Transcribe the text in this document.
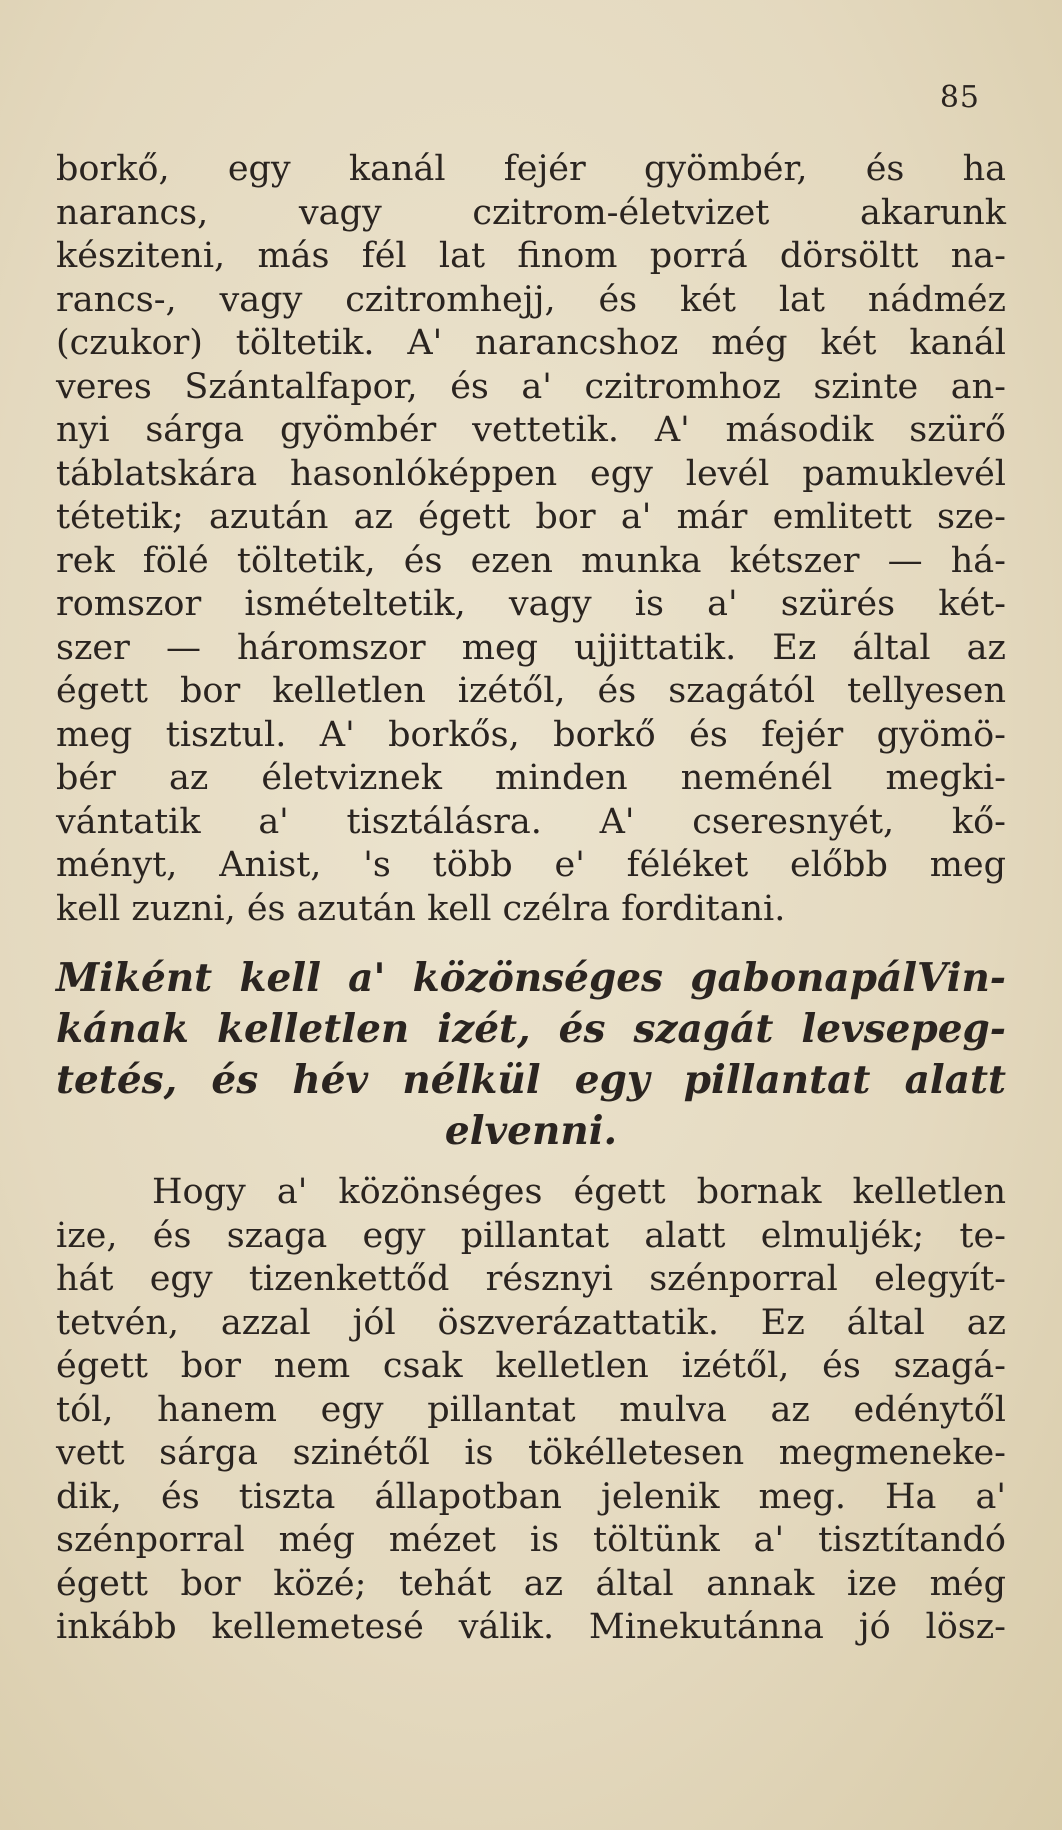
85
borkő, egy kanál fejér gyömbér, és ha
narancs, vagy czitrom-életvizet akarunk
késziteni, más fél lat finom porrá dörsöltt na-
rancs-, vagy czitromhejj, és két lat nádméz
(czukor) töltetik. A' narancshoz még két kanál
veres Szántalfapor, és a' czitromhoz szinte an-
nyi sárga gyömbér vettetik. A' második szürő
táblatskára hasonlóképpen egy levél pamuklevél
tétetik; azután az égett bor a' már emlitett sze-
rek fölé töltetik, és ezen munka kétszer — há-
romszor ismételtetik, vagy is a' szürés két-
szer — háromszor meg ujjittatik. Ez által az
égett bor kelletlen izétől, és szagától tellyesen
meg tisztul. A' borkős, borkő és fejér gyömö-
bér az életviznek minden neménél megki-
vántatik a' tisztálásra. A' cseresnyét, kő-
ményt, Anist, 's több e' féléket előbb meg
kell zuzni, és azután kell czélra forditani.
Miként kell a' közönséges gabonapálVin-
kának kelletlen izét, és szagát levsepeg-
tetés, és hév nélkül egy pillantat alatt
elvenni.
Hogy a' közönséges égett bornak kelletlen
ize, és szaga egy pillantat alatt elmuljék; te-
hát egy tizenkettőd résznyi szénporral elegyít-
tetvén, azzal jól öszverázattatik. Ez által az
égett bor nem csak kelletlen izétől, és szagá-
tól, hanem egy pillantat mulva az edénytől
vett sárga szinétől is tökélletesen megmeneke-
dik, és tiszta állapotban jelenik meg. Ha a'
szénporral még mézet is töltünk a' tisztítandó
égett bor közé; tehát az által annak ize még
inkább kellemetesé válik. Minekutánna jó lösz-
